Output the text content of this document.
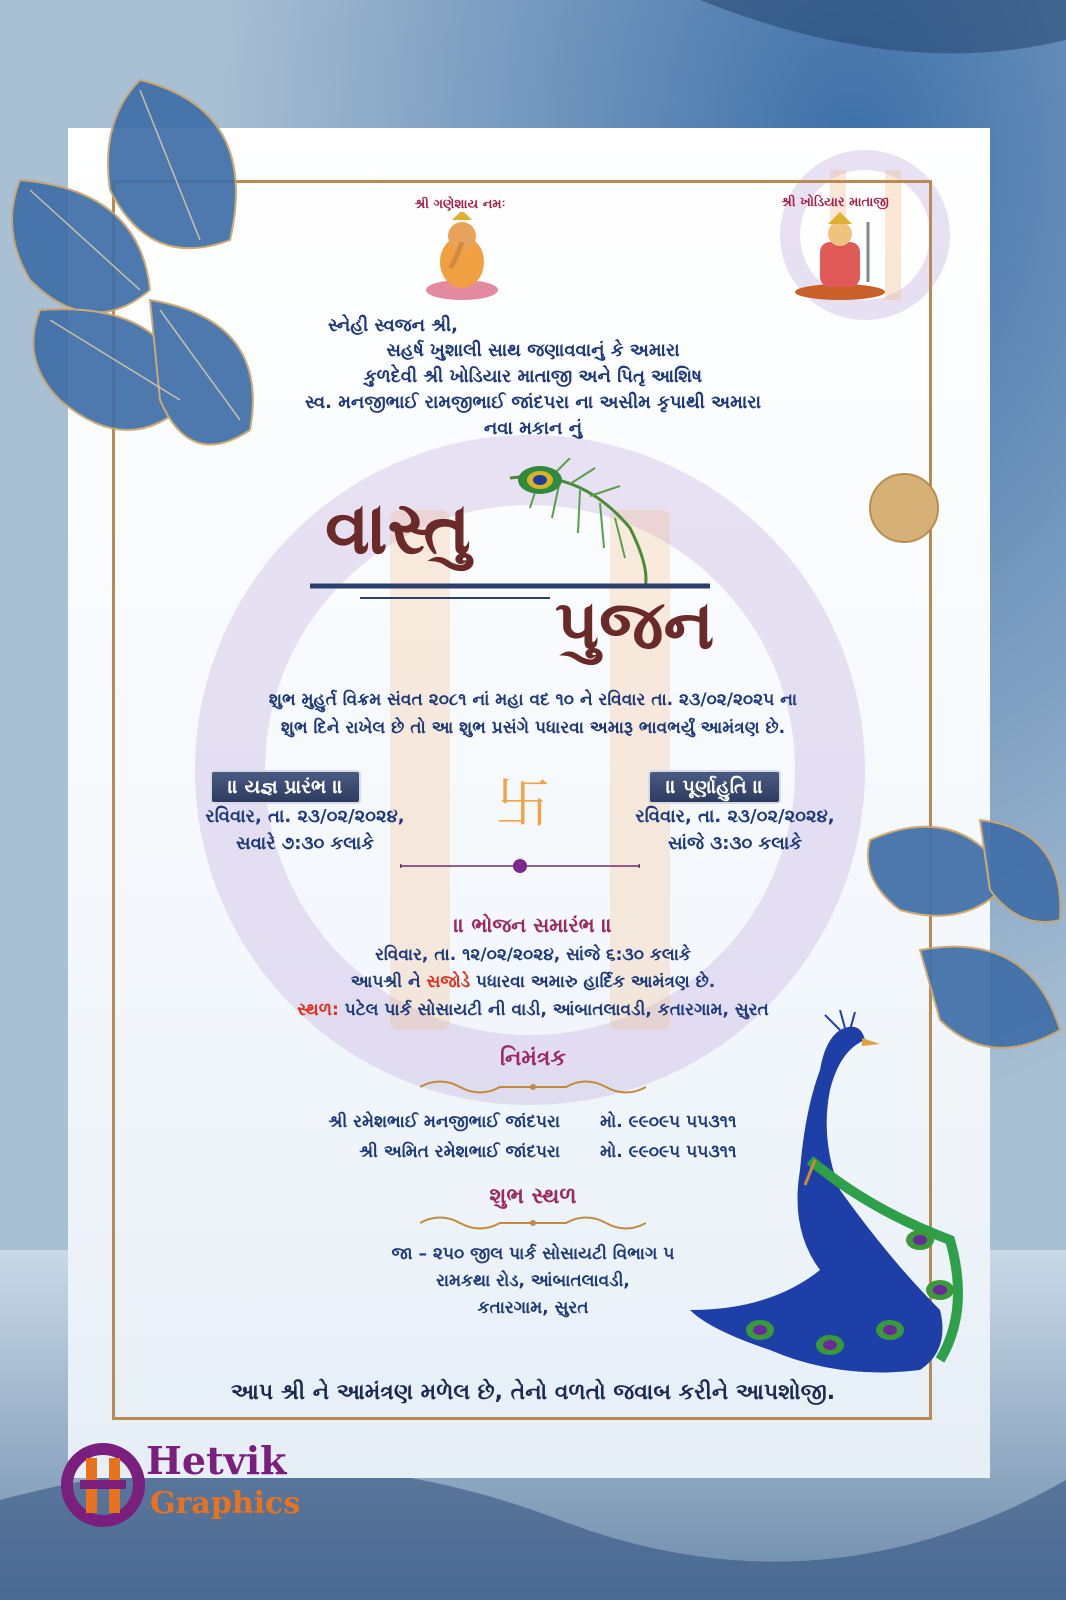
શ્રી ગણેશાય નમઃ	શ્રી ખોડિયાર માતાજી
સ્નેહી સ્વજન શ્રી,
સહર્ષ ખુશાલી સાથ જણાવવાનું કે અમારા
કુળદેવી શ્રી ખોડિયાર માતાજી અને પિતૃ આશિષ
સ્વ. મનજીભાઈ રામજીભાઈ જાંદપરા ના અસીમ કૃપાથી અમારા
નવા મકાન નું
વાસ્તુ
પુજન
શુભ મુહુર્ત વિક્રમ સંવત ૨૦૮૧ નાં મહા વદ ૧૦ ને રવિવાર તા. ૨૩/૦૨/૨૦૨૫ ના
શુભ દિને રાખેલ છે તો આ શુભ પ્રસંગે પધારવા અમારૂ ભાવભર્યું આમંત્રણ છે.
॥ યજ્ઞ પ્રારંભ ॥
રવિવાર, તા. ૨૩/૦૨/૨૦૨૪,
સવારે ૭:૩૦ કલાકે
卐	॥ પૂર્ણાહુતિ ॥
રવિવાર, તા. ૨૩/૦૨/૨૦૨૪,
સાંજે ૩:૩૦ કલાકે
॥ ભોજન સમારંભ ॥
રવિવાર, તા. ૧૨/૦૨/૨૦૨૪, સાંજે ૬:૩૦ કલાકે
આપશ્રી ને સજોડે પધારવા અમારુ હાર્દિક આમંત્રણ છે.
સ્થળ: પટેલ પાર્ક સોસાયટી ની વાડી, આંબાતલાવડી, કતારગામ, સુરત
નિમંત્રક
શ્રી રમેશભાઈ મનજીભાઈ જાંદપરા મો. ૯૯૦૯૫ ૫૫૩૧૧
શ્રી અમિત રમેશભાઈ જાંદપરા મો. ૯૯૦૯૫ ૫૫૩૧૧
શુભ સ્થળ
જા – ૨૫૦ જીલ પાર્ક સોસાયટી વિભાગ ૫
રામકથા રોડ, આંબાતલાવડી,
કતારગામ, સુરત
આપ શ્રી ને આમંત્રણ મળેલ છે, તેનો વળતો જવાબ કરીને આપશોજી.
Hetvik
Graphics
